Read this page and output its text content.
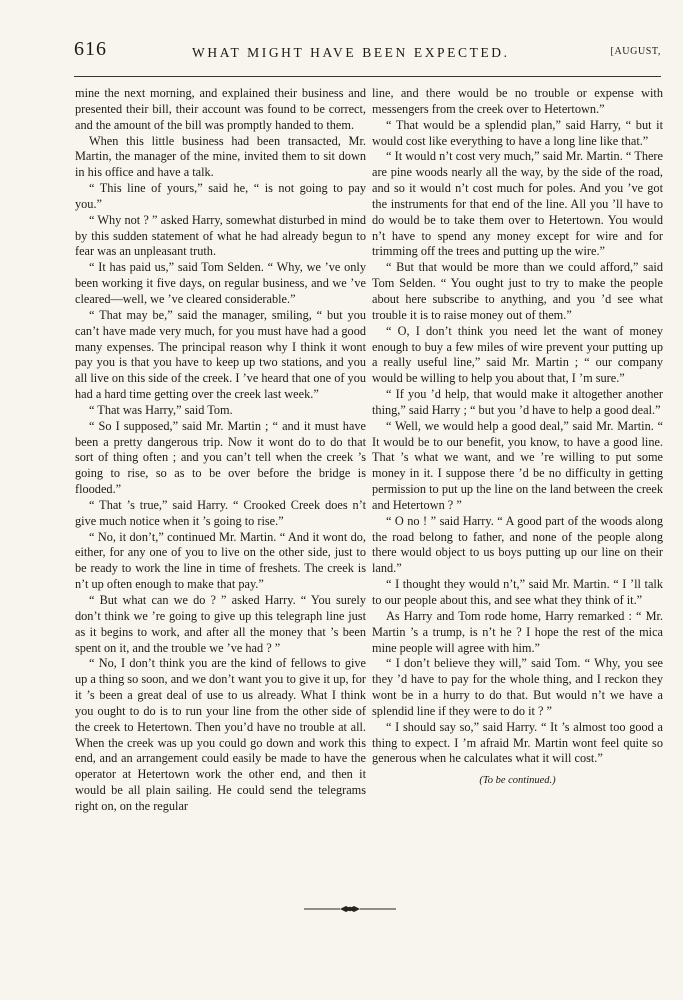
616	WHAT MIGHT HAVE BEEN EXPECTED.	[AUGUST,

mine the next morning, and explained their business and presented their bill, their account was found to be correct, and the amount of the bill was promptly handed to them.

When this little business had been transacted, Mr. Martin, the manager of the mine, invited them to sit down in his office and have a talk.

“ This line of yours,” said he, “ is not going to pay you.”

“ Why not ? ” asked Harry, somewhat disturbed in mind by this sudden statement of what he had already begun to fear was an unpleasant truth.

“ It has paid us,” said Tom Selden. “ Why, we ’ve only been working it five days, on regular business, and we ’ve cleared—well, we ’ve cleared considerable.”

“ That may be,” said the manager, smiling, “ but you can’t have made very much, for you must have had a good many expenses. The principal reason why I think it wont pay you is that you have to keep up two stations, and you all live on this side of the creek. I ’ve heard that one of you had a hard time getting over the creek last week.”

“ That was Harry,” said Tom.

“ So I supposed,” said Mr. Martin ; “ and it must have been a pretty dangerous trip. Now it wont do to do that sort of thing often ; and you can’t tell when the creek ’s going to rise, so as to be over before the bridge is flooded.”

“ That ’s true,” said Harry. “ Crooked Creek does n’t give much notice when it ’s going to rise.”

“ No, it don’t,” continued Mr. Martin. “ And it wont do, either, for any one of you to live on the other side, just to be ready to work the line in time of freshets. The creek is n’t up often enough to make that pay.”

“ But what can we do ? ” asked Harry. “ You surely don’t think we ’re going to give up this telegraph line just as it begins to work, and after all the money that ’s been spent on it, and the trouble we ’ve had ? ”

“ No, I don’t think you are the kind of fellows to give up a thing so soon, and we don’t want you to give it up, for it ’s been a great deal of use to us already. What I think you ought to do is to run your line from the other side of the creek to Hetertown. Then you’d have no trouble at all. When the creek was up you could go down and work this end, and an arrangement could easily be made to have the operator at Hetertown work the other end, and then it would be all plain sailing. He could send the telegrams right on, on the regular

line, and there would be no trouble or expense with messengers from the creek over to Hetertown.”

“ That would be a splendid plan,” said Harry, “ but it would cost like everything to have a long line like that.”

“ It would n’t cost very much,” said Mr. Martin. “ There are pine woods nearly all the way, by the side of the road, and so it would n’t cost much for poles. And you ’ve got the instruments for that end of the line. All you ’ll have to do would be to take them over to Hetertown. You would n’t have to spend any money except for wire and for trimming off the trees and putting up the wire.”

“ But that would be more than we could afford,” said Tom Selden. “ You ought just to try to make the people about here subscribe to anything, and you ’d see what trouble it is to raise money out of them.”

“ O, I don’t think you need let the want of money enough to buy a few miles of wire prevent your putting up a really useful line,” said Mr. Martin ; “ our company would be willing to help you about that, I ’m sure.”

“ If you ’d help, that would make it altogether another thing,” said Harry ; “ but you ’d have to help a good deal.”

“ Well, we would help a good deal,” said Mr. Martin. “ It would be to our benefit, you know, to have a good line. That ’s what we want, and we ’re willing to put some money in it. I suppose there ’d be no difficulty in getting permission to put up the line on the land between the creek and Hetertown ? ”

“ O no ! ” said Harry. “ A good part of the woods along the road belong to father, and none of the people along there would object to us boys putting up our line on their land.”

“ I thought they would n’t,” said Mr. Martin. “ I ’ll talk to our people about this, and see what they think of it.”

As Harry and Tom rode home, Harry remarked : “ Mr. Martin ’s a trump, is n’t he ? I hope the rest of the mica mine people will agree with him.”

“ I don’t believe they will,” said Tom. “ Why, you see they ’d have to pay for the whole thing, and I reckon they wont be in a hurry to do that. But would n’t we have a splendid line if they were to do it ? ”

“ I should say so,” said Harry. “ It ’s almost too good a thing to expect. I ’m afraid Mr. Martin wont feel quite so generous when he calculates what it will cost.”

(To be continued.)
